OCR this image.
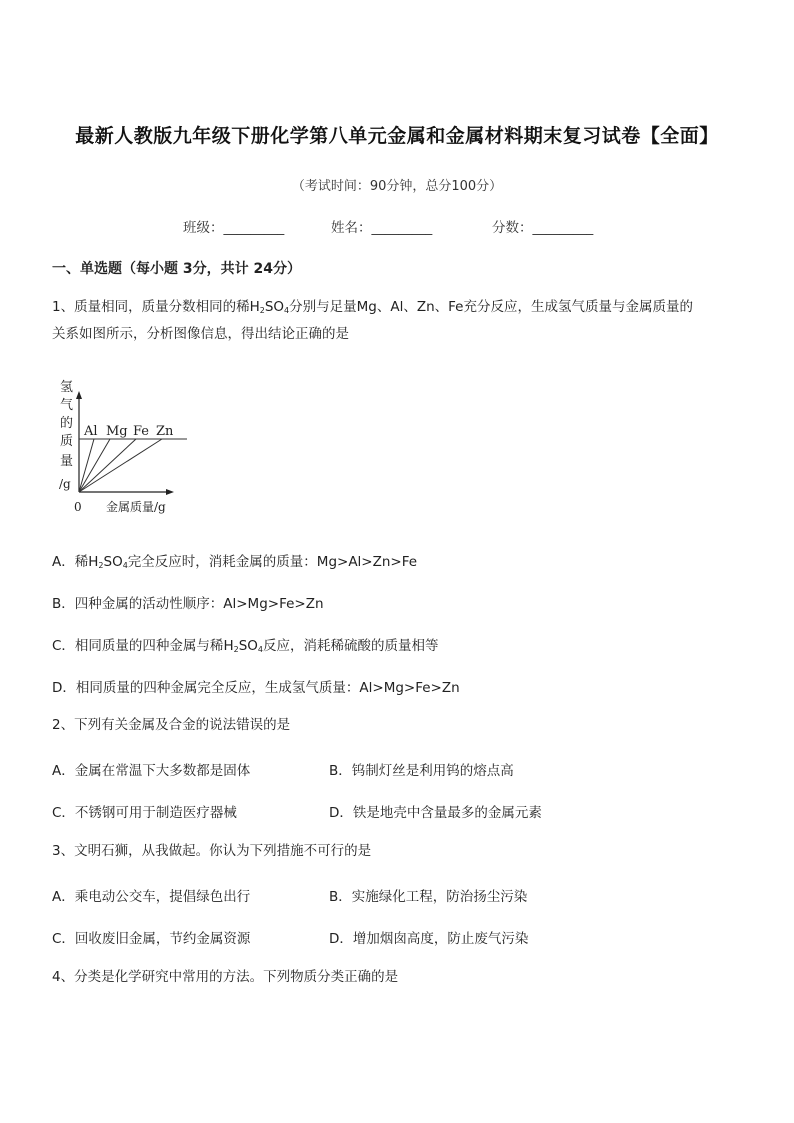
最新人教版九年级下册化学第八单元金属和金属材料期末复习试卷【全面】
（考试时间：90分钟，总分100分）
班级：_________	姓名：_________	分数：_________
一、单选题（每小题 3分，共计 24分）
1、质量相同，质量分数相同的稀$H_2SO_4$分别与足量Mg、Al、Zn、Fe充分反应，生成氢气质量与金属质量的
关系如图所示，分析图像信息，得出结论正确的是
氢
气
的
质
量
/g
0 金属质量/g
Al Mg Fe Zn
A．稀$H_2SO_4$完全反应时，消耗金属的质量：Mg>Al>Zn>Fe
B．四种金属的活动性顺序：Al>Mg>Fe>Zn
C．相同质量的四种金属与稀$H_2SO_4$反应，消耗稀硫酸的质量相等
D．相同质量的四种金属完全反应，生成氢气质量：Al>Mg>Fe>Zn
2、下列有关金属及合金的说法错误的是
A．金属在常温下大多数都是固体	B．钨制灯丝是利用钨的熔点高
C．不锈钢可用于制造医疗器械	D．铁是地壳中含量最多的金属元素
3、文明石狮，从我做起。你认为下列措施不可行的是
A．乘电动公交车，提倡绿色出行	B．实施绿化工程，防治扬尘污染
C．回收废旧金属，节约金属资源	D．增加烟囱高度，防止废气污染
4、分类是化学研究中常用的方法。下列物质分类正确的是
